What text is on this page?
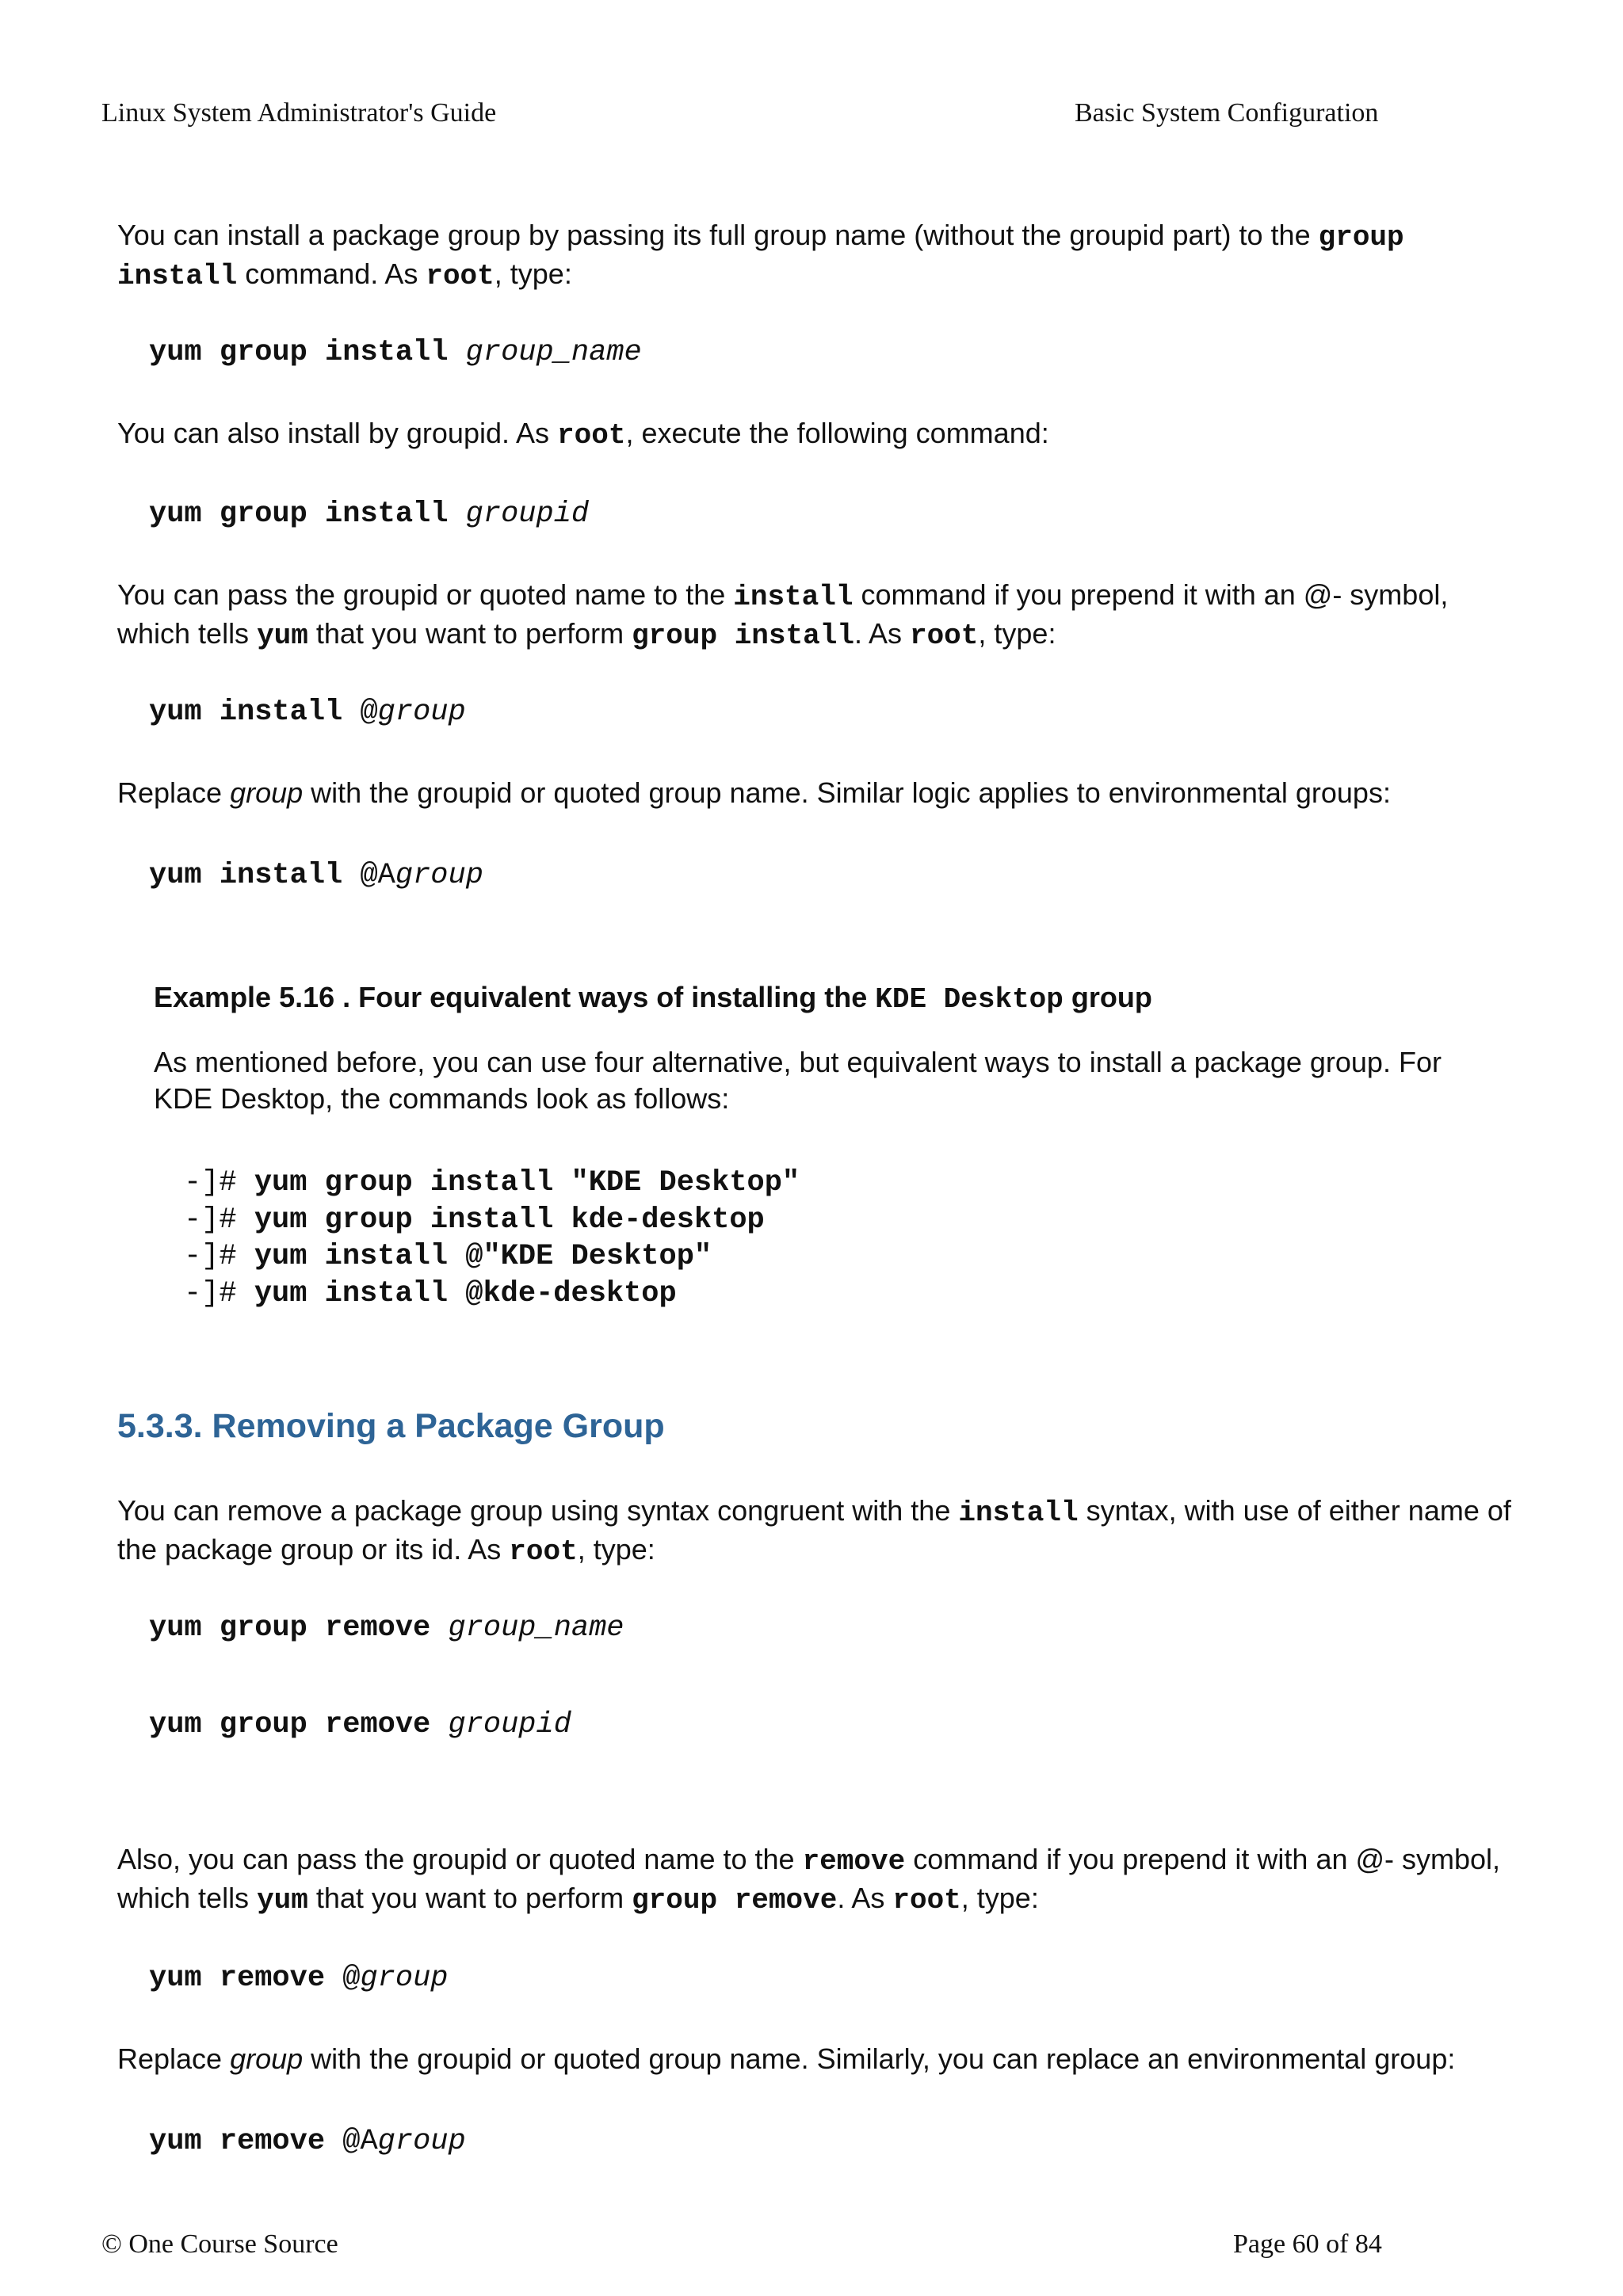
Linux System Administrator's Guide	Basic System Configuration
You can install a package group by passing its full group name (without the groupid part) to the group install command. As root, type:
yum group install group_name
You can also install by groupid. As root, execute the following command:
yum group install groupid
You can pass the groupid or quoted name to the install command if you prepend it with an @- symbol, which tells yum that you want to perform group install. As root, type:
yum install @group
Replace group with the groupid or quoted group name. Similar logic applies to environmental groups:
yum install @Agroup
Example 5.16 . Four equivalent ways of installing the KDE Desktop group
As mentioned before, you can use four alternative, but equivalent ways to install a package group. For KDE Desktop, the commands look as follows:
-]# yum group install "KDE Desktop"
-]# yum group install kde-desktop
-]# yum install @"KDE Desktop"
-]# yum install @kde-desktop
5.3.3. Removing a Package Group
You can remove a package group using syntax congruent with the install syntax, with use of either name of the package group or its id. As root, type:
yum group remove group_name
yum group remove groupid
Also, you can pass the groupid or quoted name to the remove command if you prepend it with an @- symbol, which tells yum that you want to perform group remove. As root, type:
yum remove @group
Replace group with the groupid or quoted group name. Similarly, you can replace an environmental group:
yum remove @Agroup
© One Course Source	Page 60 of 84
